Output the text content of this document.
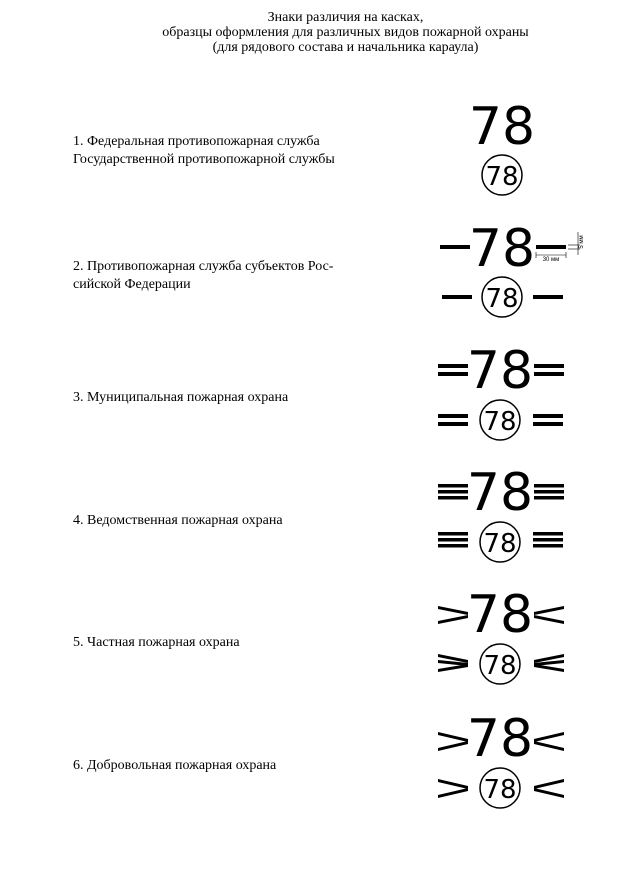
Знаки различия на касках,
образцы оформления для различных видов пожарной охраны
(для рядового состава и начальника караула)
1. Федеральная противопожарная служба
Государственной противопожарной службы
78
78
2. Противопожарная служба субъектов Рос-
сийской Федерации
78 30 мм
5 мм
78
3. Муниципальная пожарная охрана	78
78
4. Ведомственная пожарная охрана	78
78
5. Частная пожарная охрана	78
78
6. Добровольная пожарная охрана	78
78
